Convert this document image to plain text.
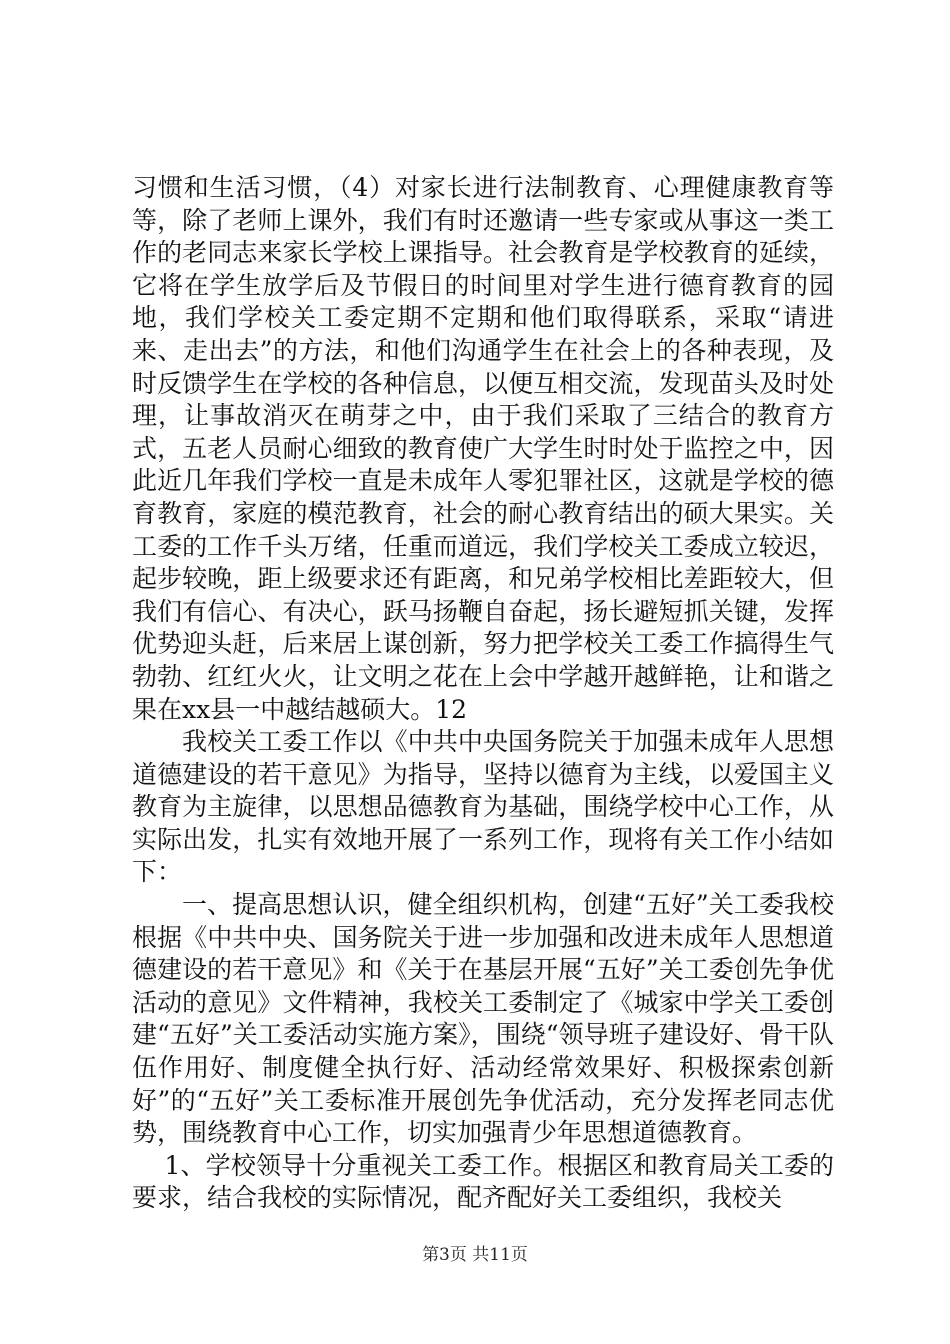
习惯和生活习惯，（4）对家长进行法制教育、心理健康教育等等，除了老师上课外，我们有时还邀请一些专家或从事这一类工作的老同志来家长学校上课指导。社会教育是学校教育的延续，它将在学生放学后及节假日的时间里对学生进行德育教育的园地，我们学校关工委定期不定期和他们取得联系，采取“请进来、走出去”的方法，和他们沟通学生在社会上的各种表现，及时反馈学生在学校的各种信息，以便互相交流，发现苗头及时处理，让事故消灭在萌芽之中，由于我们采取了三结合的教育方式，五老人员耐心细致的教育使广大学生时时处于监控之中，因此近几年我们学校一直是未成年人零犯罪社区，这就是学校的德育教育，家庭的模范教育，社会的耐心教育结出的硕大果实。关工委的工作千头万绪，任重而道远，我们学校关工委成立较迟，起步较晚，距上级要求还有距离，和兄弟学校相比差距较大，但我们有信心、有决心，跃马扬鞭自奋起，扬长避短抓关键，发挥优势迎头赶，后来居上谋创新，努力把学校关工委工作搞得生气勃勃、红红火火，让文明之花在上会中学越开越鲜艳，让和谐之果在xx县一中越结越硕大。12

我校关工委工作以《中共中央国务院关于加强未成年人思想道德建设的若干意见》为指导，坚持以德育为主线，以爱国主义教育为主旋律，以思想品德教育为基础，围绕学校中心工作，从实际出发，扎实有效地开展了一系列工作，现将有关工作小结如下：

一、提高思想认识，健全组织机构，创建“五好”关工委我校根据《中共中央、国务院关于进一步加强和改进未成年人思想道德建设的若干意见》和《关于在基层开展“五好”关工委创先争优活动的意见》文件精神，我校关工委制定了《城家中学关工委创建“五好”关工委活动实施方案》，围绕“领导班子建设好、骨干队伍作用好、制度健全执行好、活动经常效果好、积极探索创新好”的“五好”关工委标准开展创先争优活动，充分发挥老同志优势，围绕教育中心工作，切实加强青少年思想道德教育。

1、学校领导十分重视关工委工作。根据区和教育局关工委的要求，结合我校的实际情况，配齐配好关工委组织，我校关

第3页 共11页
